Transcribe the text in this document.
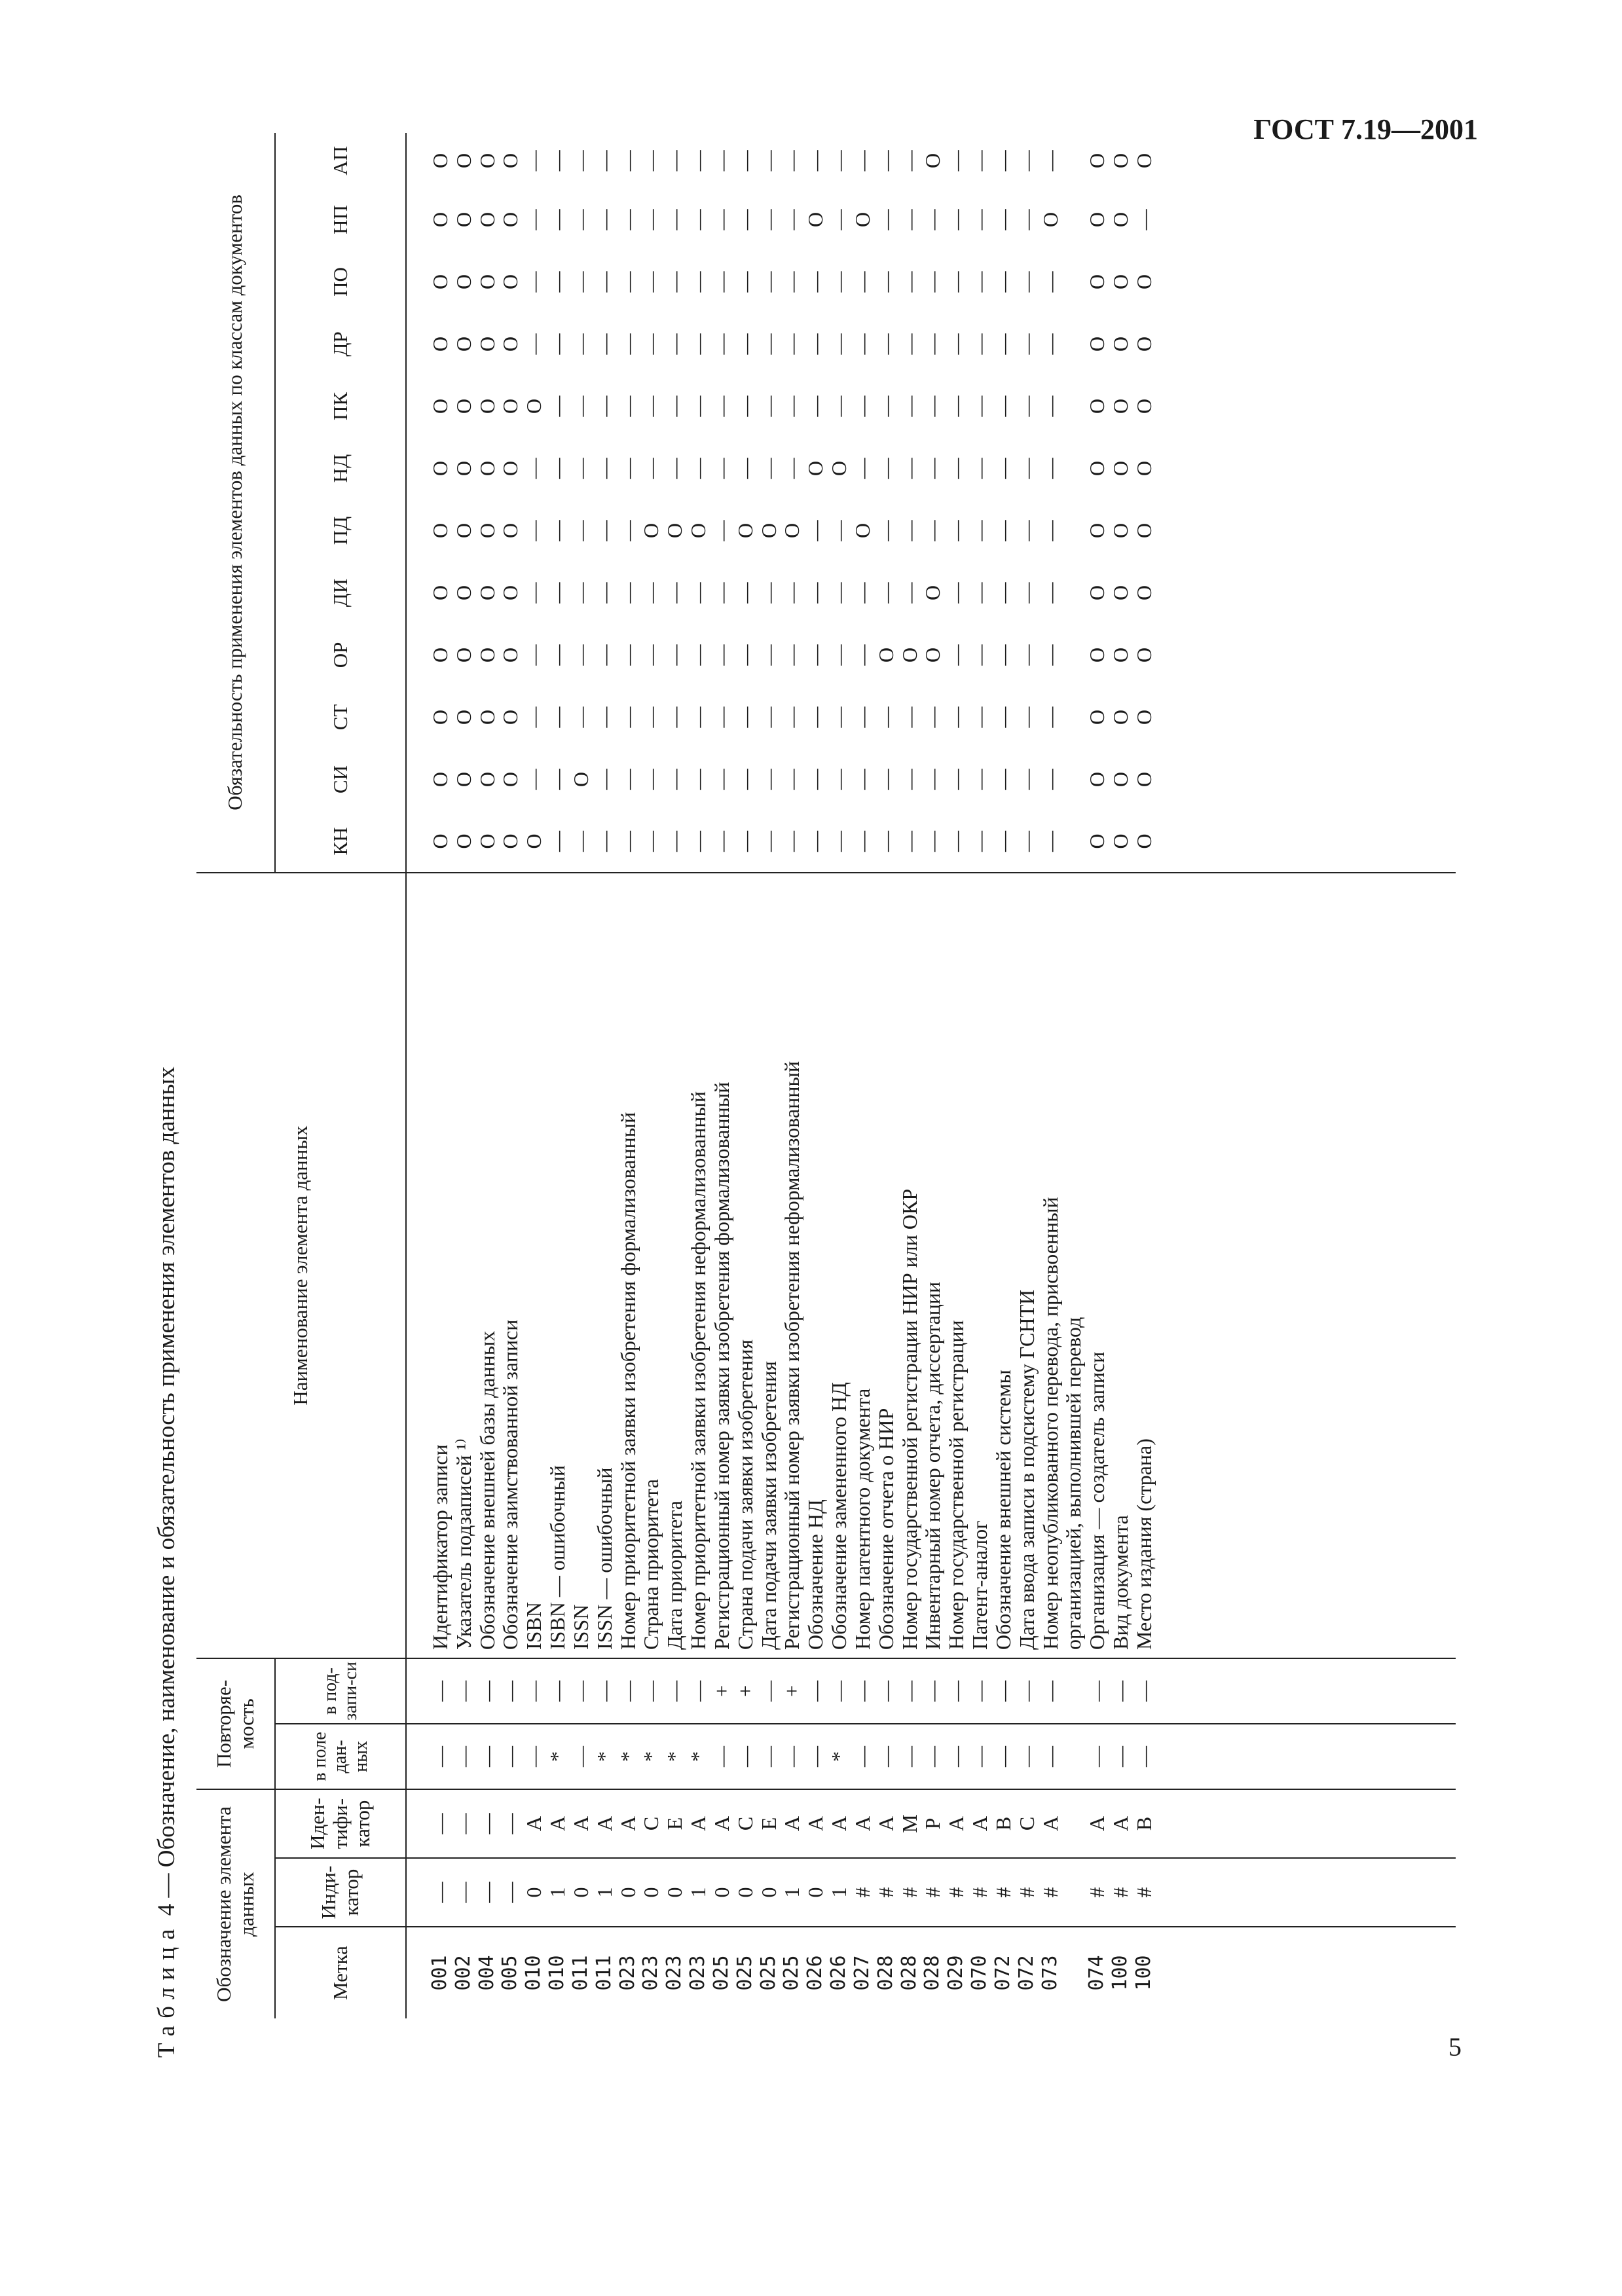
ГОСТ 7.19—2001
Таблица 4 — Обозначение, наименование и обязательность применения элементов данных Обозначение элемента данных			Повторяе-мость		Наименование элемента данных	Обязательность применения элементов данных по классам документов											
Метка	Инди-катор	Иден-тифи-катор	в поле дан-ных	в под-запи-си		КН	СИ	СТ	ОР	ДИ	ПД	НД	ПК	ДР	ПО	НП	АП
001	—	—	—	—	Идентификатор записи	O	O	O	O	O	O	O	O	O	O	O	O
002	—	—	—	—	Указатель подзаписей ¹⁾	O	O	O	O	O	O	O	O	O	O	O	O
004	—	—	—	—	Обозначение внешней базы данных	O	O	O	O	O	O	O	O	O	O	O	O
005	—	—	—	—	Обозначение заимствованной записи	O	O	O	O	O	O	O	O	O	O	O	O
010	0	A	—	—	ISBN	O	—	—	—	—	—	—	O	—	—	—	—
010	1	A	*	—	ISBN — ошибочный	—	—	—	—	—	—	—	—	—	—	—	—
011	0	A	—	—	ISSN	—	O	—	—	—	—	—	—	—	—	—	—
011	1	A	*	—	ISSN — ошибочный	—	—	—	—	—	—	—	—	—	—	—	—
023	0	A	*	—	Номер приоритетной заявки изобретения формализованный	—	—	—	—	—	—	—	—	—	—	—	—
023	0	C	*	—	Страна приоритета	—	—	—	—	—	O	—	—	—	—	—	—
023	0	E	*	—	Дата приоритета	—	—	—	—	—	O	—	—	—	—	—	—
023	1	A	*	—	Номер приоритетной заявки изобретения неформализованный	—	—	—	—	—	O	—	—	—	—	—	—
025	0	A	—	+	Регистрационный номер заявки изобретения формализованный	—	—	—	—	—	—	—	—	—	—	—	—
025	0	C	—	+	Страна подачи заявки изобретения	—	—	—	—	—	O	—	—	—	—	—	—
025	0	E	—	—	Дата подачи заявки изобретения	—	—	—	—	—	O	—	—	—	—	—	—
025	1	A	—	+	Регистрационный номер заявки изобретения неформализованный	—	—	—	—	—	O	—	—	—	—	—	—
026	0	A	—	—	Обозначение НД	—	—	—	—	—	—	O	—	—	—	O	—
026	1	A	*	—	Обозначение замененного НД	—	—	—	—	—	—	O	—	—	—	—	—
027	#	A	—	—	Номер патентного документа	—	—	—	—	—	O	—	—	—	—	O	—
028	#	A	—	—	Обозначение отчета о НИР	—	—	—	O	—	—	—	—	—	—	—	—
028	#	M	—	—	Номер государственной регистрации НИР или ОКР	—	—	—	O	—	—	—	—	—	—	—	—
028	#	P	—	—	Инвентарный номер отчета, диссертации	—	—	—	O	O	—	—	—	—	—	—	O
029	#	A	—	—	Номер государственной регистрации	—	—	—	—	—	—	—	—	—	—	—	—
070	#	A	—	—	Патент-аналог	—	—	—	—	—	—	—	—	—	—	—	—
072	#	B	—	—	Обозначение внешней системы	—	—	—	—	—	—	—	—	—	—	—	—
072	#	C	—	—	Дата ввода записи в подсистему ГСНТИ	—	—	—	—	—	—	—	—	—	—	—	—
073	#	A	—	—	Номер неопубликованного перевода, присвоенный	—	—	—	—	—	—	—	—	—	—	O	—
					организацией, выполнившей перевод												
074	#	A	—	—	Организация — создатель записи	O	O	O	O	O	O	O	O	O	O	O	O
100	#	A	—	—	Вид документа	O	O	O	O	O	O	O	O	O	O	O	O
100	#	B	—	—	Место издания (страна)	O	O	O	O	O	O	O	O	O	O	—	O

5
